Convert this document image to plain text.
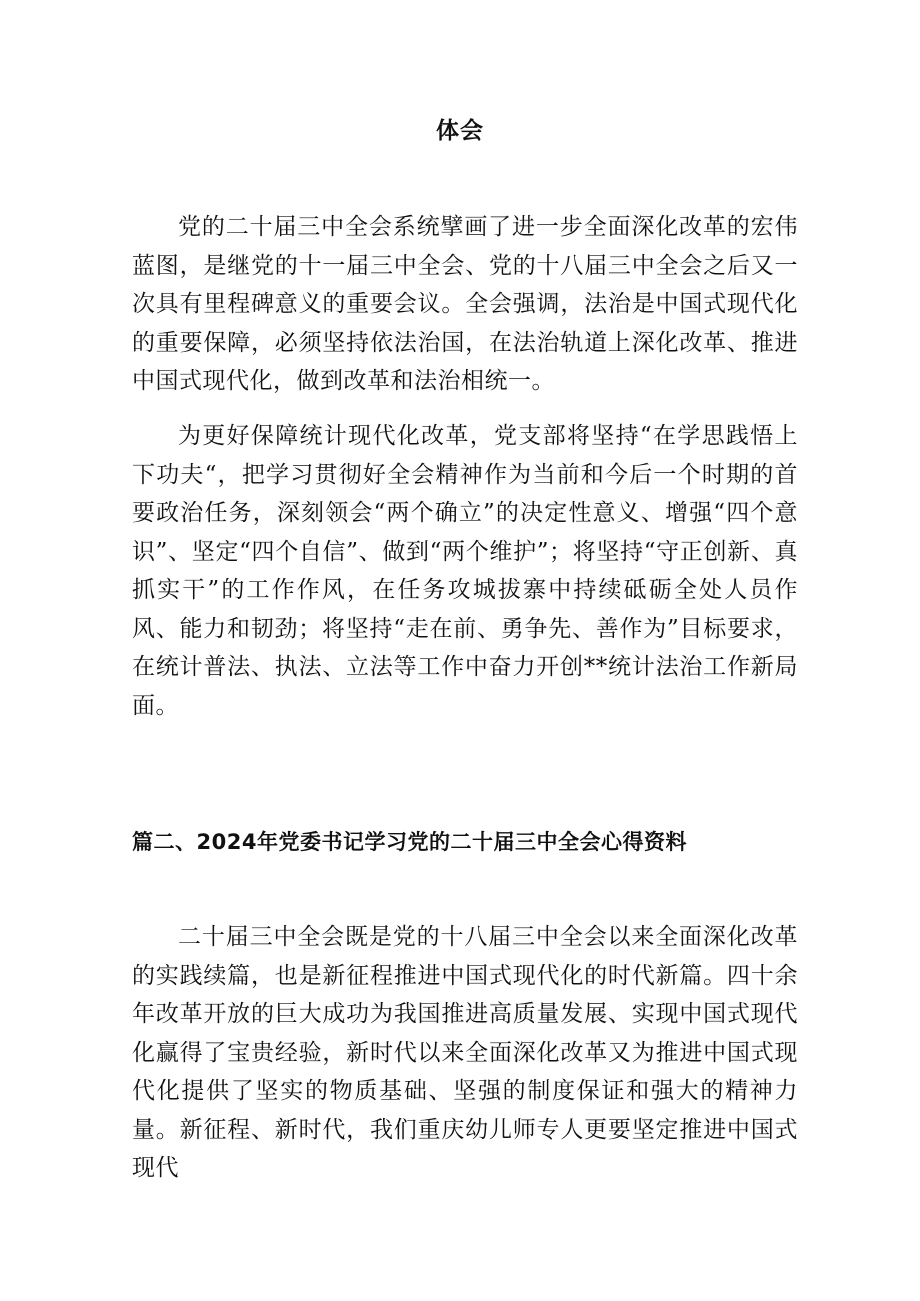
体会

党的二十届三中全会系统擘画了进一步全面深化改革的宏伟蓝图，是继党的十一届三中全会、党的十八届三中全会之后又一次具有里程碑意义的重要会议。全会强调，法治是中国式现代化的重要保障，必须坚持依法治国，在法治轨道上深化改革、推进中国式现代化，做到改革和法治相统一。

为更好保障统计现代化改革，党支部将坚持“在学思践悟上下功夫“，把学习贯彻好全会精神作为当前和今后一个时期的首要政治任务，深刻领会“两个确立”的决定性意义、增强“四个意识”、坚定“四个自信”、做到“两个维护”；将坚持“守正创新、真抓实干”的工作作风，在任务攻城拔寨中持续砥砺全处人员作风、能力和韧劲；将坚持“走在前、勇争先、善作为”目标要求，在统计普法、执法、立法等工作中奋力开创**统计法治工作新局面。

篇二、2024年党委书记学习党的二十届三中全会心得资料

二十届三中全会既是党的十八届三中全会以来全面深化改革的实践续篇，也是新征程推进中国式现代化的时代新篇。四十余年改革开放的巨大成功为我国推进高质量发展、实现中国式现代化赢得了宝贵经验，新时代以来全面深化改革又为推进中国式现代化提供了坚实的物质基础、坚强的制度保证和强大的精神力量。新征程、新时代，我们重庆幼儿师专人更要坚定推进中国式现代
